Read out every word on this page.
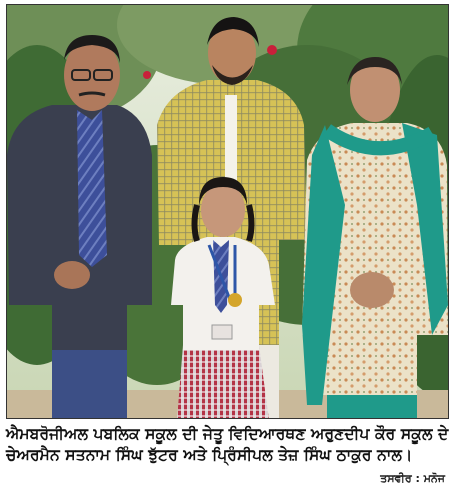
ਐਮਬਰੋਜੀਅਲ ਪਬਲਿਕ ਸਕੂਲ ਦੀ ਜੇਤੂ ਵਿਦਿਆਰਥਣ ਅਰੁਣਦੀਪ ਕੌਰ ਸਕੂਲ ਦੇ ਚੇਅਰਮੈਨ ਸਤਨਾਮ ਸਿੰਘ ਝੁੱਟਰ ਅਤੇ ਪ੍ਰਿੰਸੀਪਲ ਤੇਜ਼ ਸਿੰਘ ਠਾਕੁਰ ਨਾਲ।

ਤਸਵੀਰ : ਮਨੋਜ
